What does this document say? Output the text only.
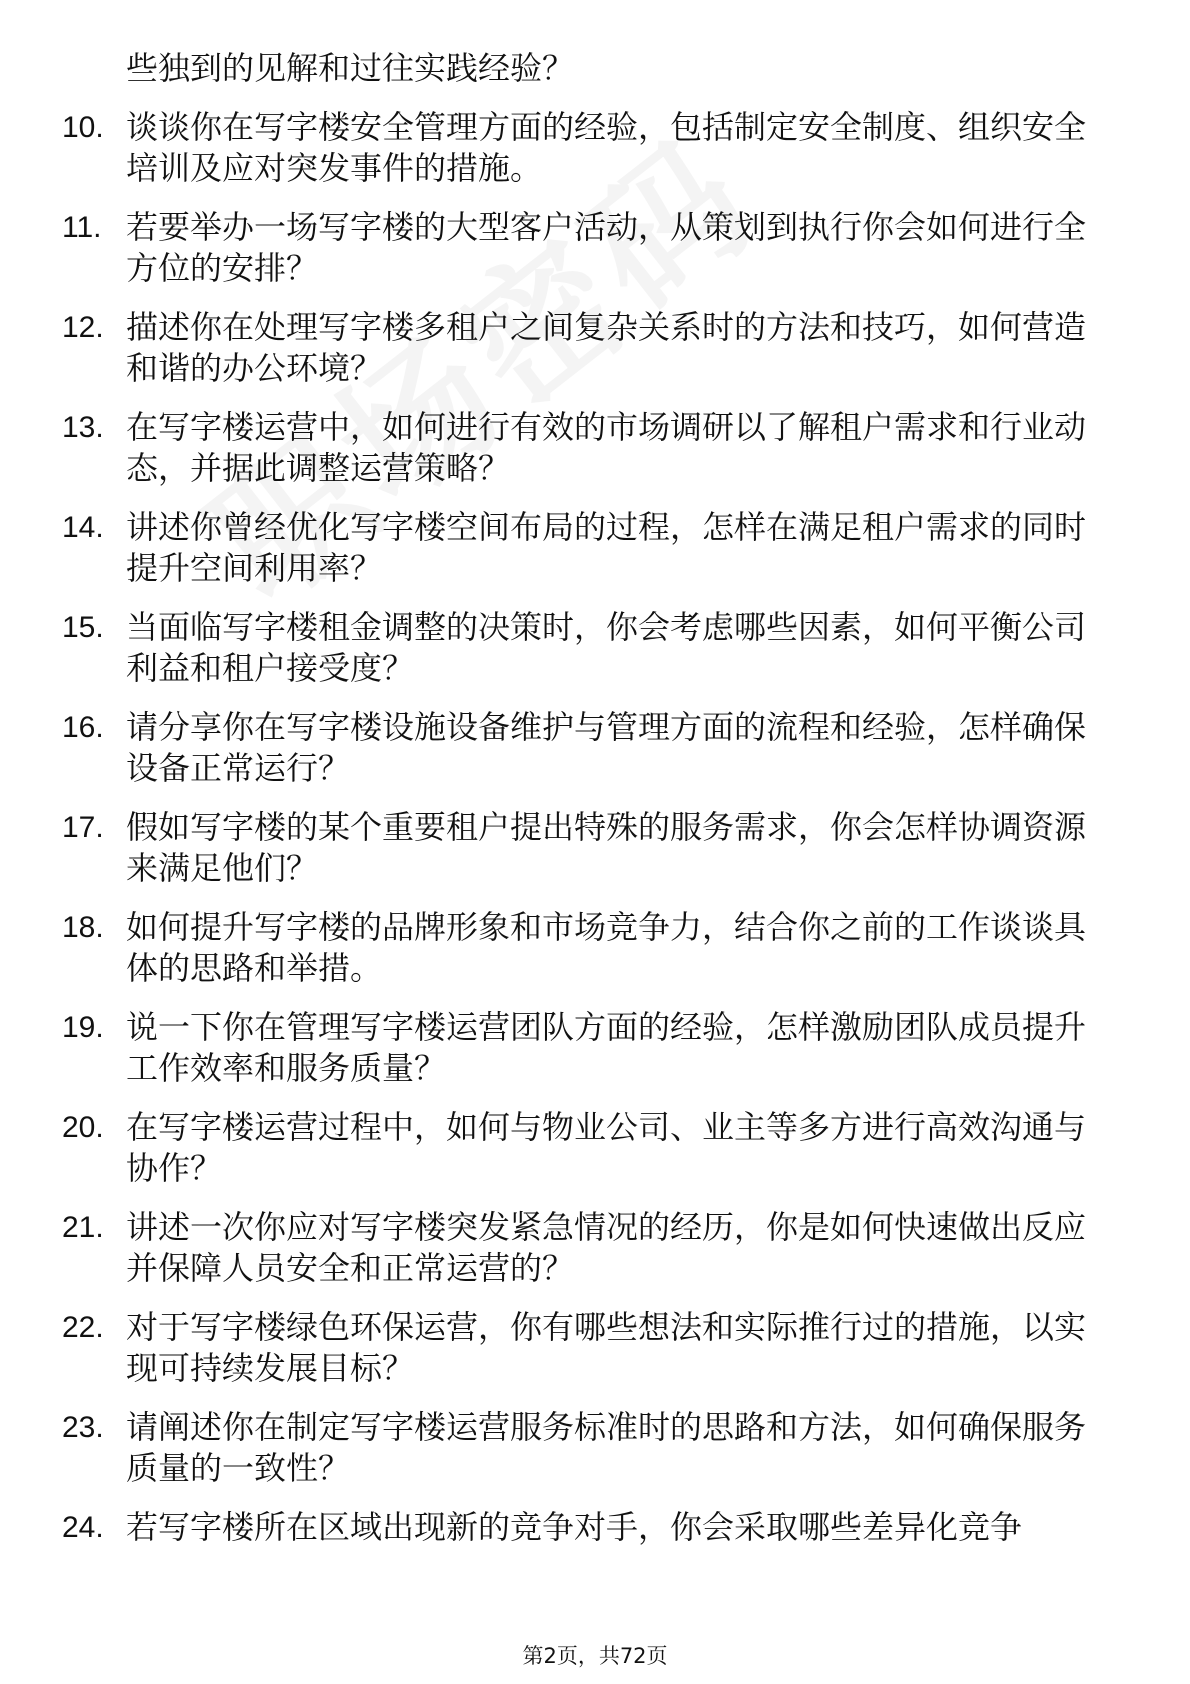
些独到的见解和过往实践经验？
10. 谈谈你在写字楼安全管理方面的经验，包括制定安全制度、组织安全培训及应对突发事件的措施。
11. 若要举办一场写字楼的大型客户活动，从策划到执行你会如何进行全方位的安排？
12. 描述你在处理写字楼多租户之间复杂关系时的方法和技巧，如何营造和谐的办公环境？
13. 在写字楼运营中，如何进行有效的市场调研以了解租户需求和行业动态，并据此调整运营策略？
14. 讲述你曾经优化写字楼空间布局的过程，怎样在满足租户需求的同时提升空间利用率？
15. 当面临写字楼租金调整的决策时，你会考虑哪些因素，如何平衡公司利益和租户接受度？
16. 请分享你在写字楼设施设备维护与管理方面的流程和经验，怎样确保设备正常运行？
17. 假如写字楼的某个重要租户提出特殊的服务需求，你会怎样协调资源来满足他们？
18. 如何提升写字楼的品牌形象和市场竞争力，结合你之前的工作谈谈具体的思路和举措。
19. 说一下你在管理写字楼运营团队方面的经验，怎样激励团队成员提升工作效率和服务质量？
20. 在写字楼运营过程中，如何与物业公司、业主等多方进行高效沟通与协作？
21. 讲述一次你应对写字楼突发紧急情况的经历，你是如何快速做出反应并保障人员安全和正常运营的？
22. 对于写字楼绿色环保运营，你有哪些想法和实际推行过的措施，以实现可持续发展目标？
23. 请阐述你在制定写字楼运营服务标准时的思路和方法，如何确保服务质量的一致性？
24. 若写字楼所在区域出现新的竞争对手，你会采取哪些差异化竞争
第2页，共72页
